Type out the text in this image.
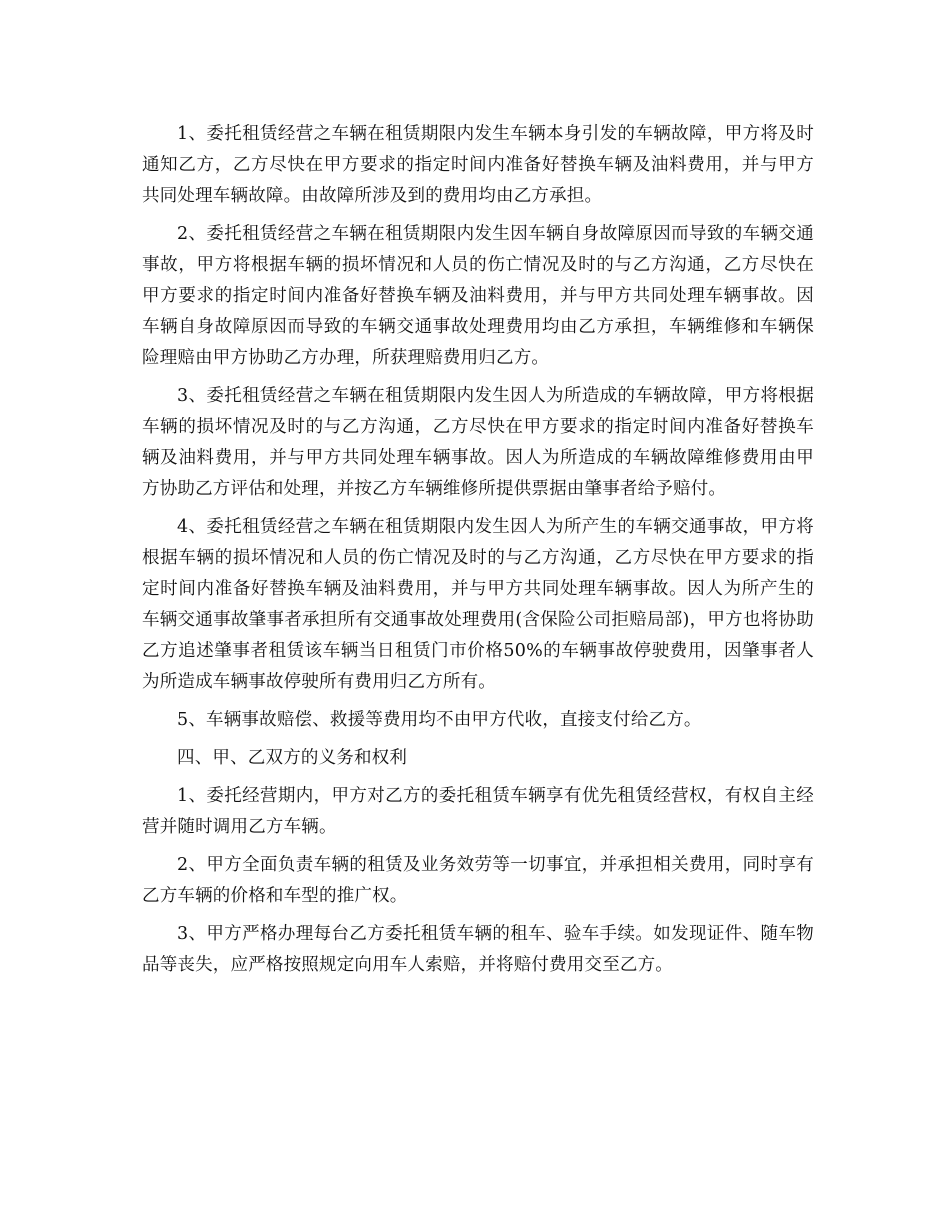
1、委托租赁经营之车辆在租赁期限内发生车辆本身引发的车辆故障，甲方将及时通知乙方，乙方尽快在甲方要求的指定时间内准备好替换车辆及油料费用，并与甲方共同处理车辆故障。由故障所涉及到的费用均由乙方承担。

2、委托租赁经营之车辆在租赁期限内发生因车辆自身故障原因而导致的车辆交通事故，甲方将根据车辆的损坏情况和人员的伤亡情况及时的与乙方沟通，乙方尽快在甲方要求的指定时间内准备好替换车辆及油料费用，并与甲方共同处理车辆事故。因车辆自身故障原因而导致的车辆交通事故处理费用均由乙方承担，车辆维修和车辆保险理赔由甲方协助乙方办理，所获理赔费用归乙方。

3、委托租赁经营之车辆在租赁期限内发生因人为所造成的车辆故障，甲方将根据车辆的损坏情况及时的与乙方沟通，乙方尽快在甲方要求的指定时间内准备好替换车辆及油料费用，并与甲方共同处理车辆事故。因人为所造成的车辆故障维修费用由甲方协助乙方评估和处理，并按乙方车辆维修所提供票据由肇事者给予赔付。

4、委托租赁经营之车辆在租赁期限内发生因人为所产生的车辆交通事故，甲方将根据车辆的损坏情况和人员的伤亡情况及时的与乙方沟通，乙方尽快在甲方要求的指定时间内准备好替换车辆及油料费用，并与甲方共同处理车辆事故。因人为所产生的车辆交通事故肇事者承担所有交通事故处理费用(含保险公司拒赔局部)，甲方也将协助乙方追述肇事者租赁该车辆当日租赁门市价格50%的车辆事故停驶费用，因肇事者人为所造成车辆事故停驶所有费用归乙方所有。

5、车辆事故赔偿、救援等费用均不由甲方代收，直接支付给乙方。

四、甲、乙双方的义务和权利

1、委托经营期内，甲方对乙方的委托租赁车辆享有优先租赁经营权，有权自主经营并随时调用乙方车辆。

2、甲方全面负责车辆的租赁及业务效劳等一切事宜，并承担相关费用，同时享有乙方车辆的价格和车型的推广权。

3、甲方严格办理每台乙方委托租赁车辆的租车、验车手续。如发现证件、随车物品等丧失，应严格按照规定向用车人索赔，并将赔付费用交至乙方。
